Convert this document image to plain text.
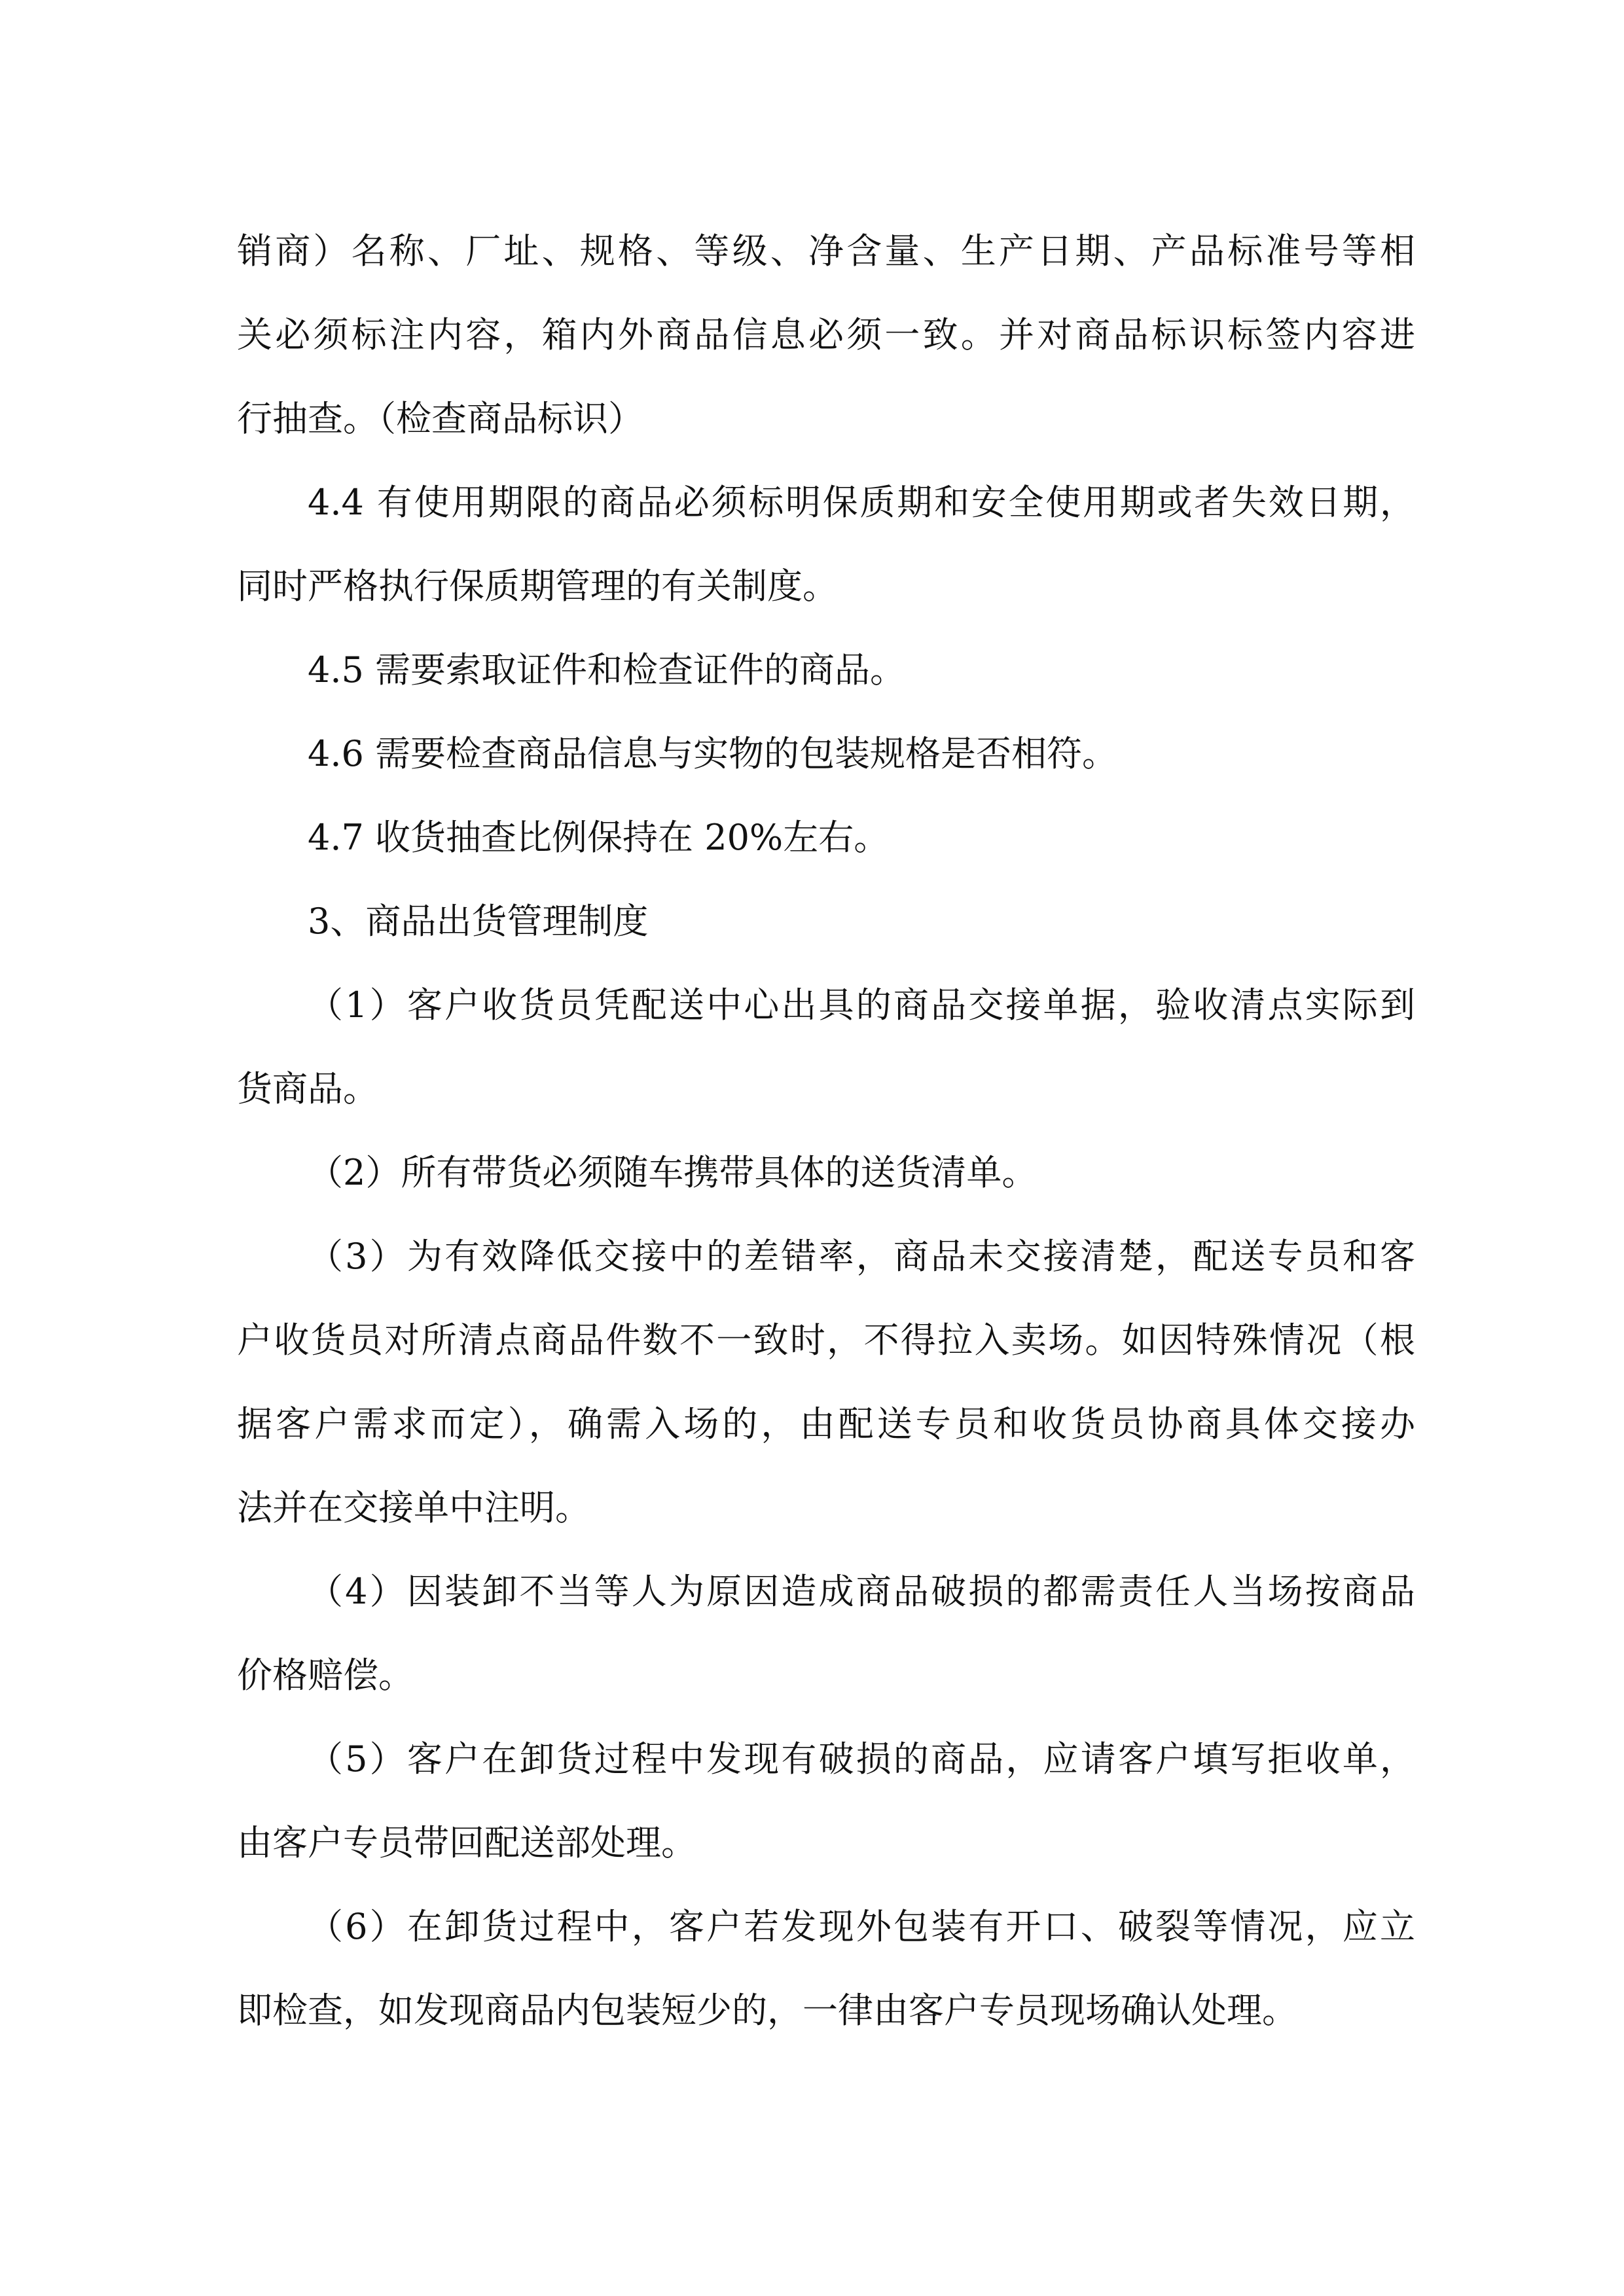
销商）名称、厂址、规格、等级、净含量、生产日期、产品标准号等相
关必须标注内容，箱内外商品信息必须一致。并对商品标识标签内容进
行抽查。（检查商品标识）
4.4 有使用期限的商品必须标明保质期和安全使用期或者失效日期，
同时严格执行保质期管理的有关制度。
4.5 需要索取证件和检查证件的商品。
4.6 需要检查商品信息与实物的包装规格是否相符。
4.7 收货抽查比例保持在 20%左右。
3、商品出货管理制度
（1）客户收货员凭配送中心出具的商品交接单据，验收清点实际到
货商品。
（2）所有带货必须随车携带具体的送货清单。
（3）为有效降低交接中的差错率，商品未交接清楚，配送专员和客
户收货员对所清点商品件数不一致时，不得拉入卖场。如因特殊情况（根
据客户需求而定），确需入场的，由配送专员和收货员协商具体交接办
法并在交接单中注明。
（4）因装卸不当等人为原因造成商品破损的都需责任人当场按商品
价格赔偿。
（5）客户在卸货过程中发现有破损的商品，应请客户填写拒收单，
由客户专员带回配送部处理。
（6）在卸货过程中，客户若发现外包装有开口、破裂等情况，应立
即检查，如发现商品内包装短少的，一律由客户专员现场确认处理。
